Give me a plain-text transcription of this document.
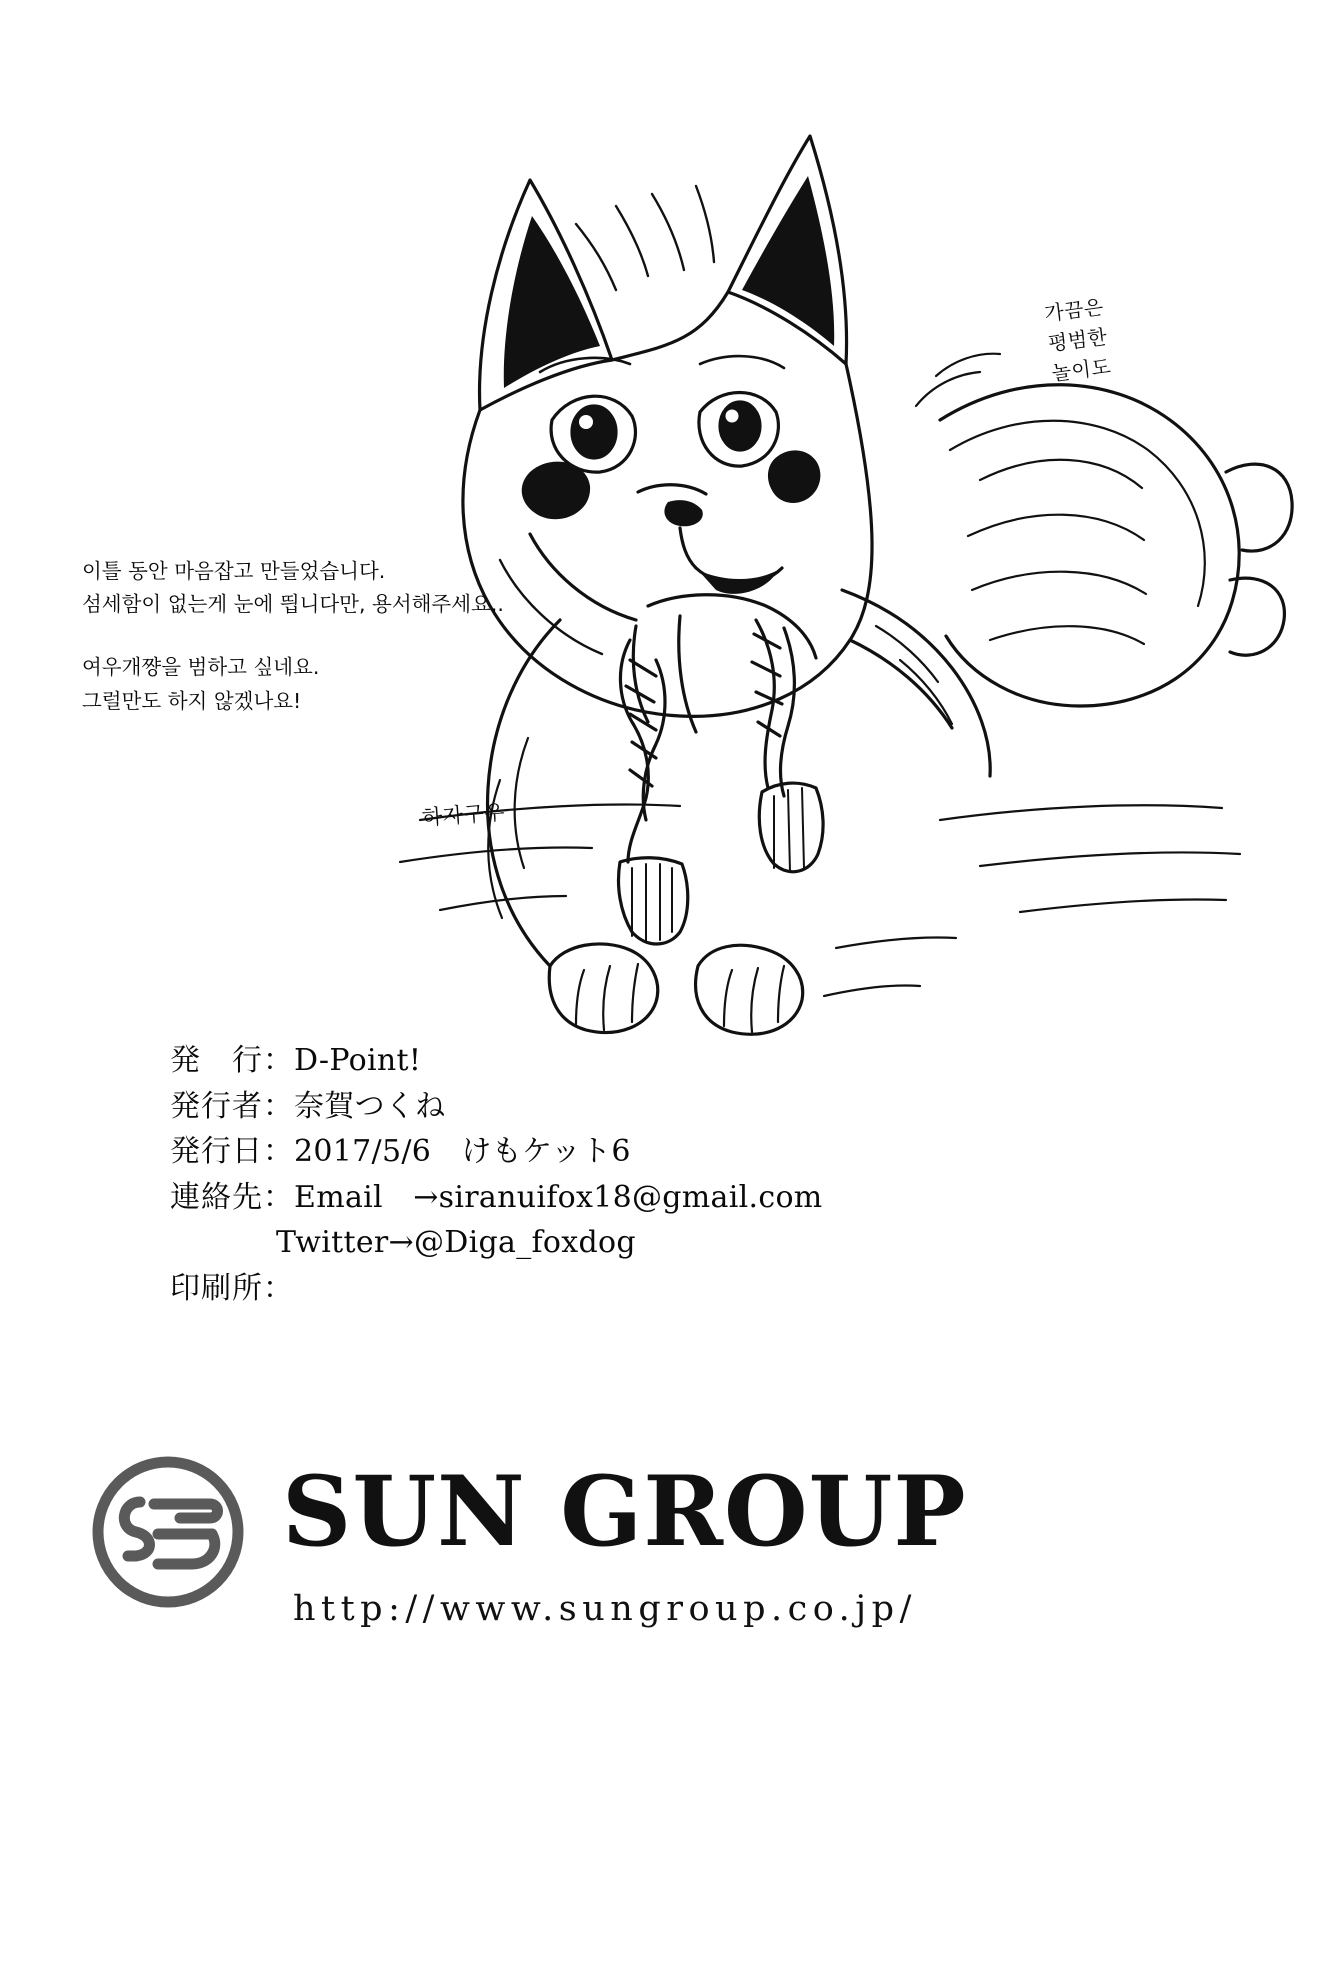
가끔은
평범한
놀이도
하자구우
이틀 동안 마음잡고 만들었습니다.
섬세함이 없는게 눈에 띕니다만, 용서해주세요..
여우개쨩을 범하고 싶네요.
그럴만도 하지 않겠나요!
発　行：D-Point!
発行者：奈賀つくね
発行日：2017/5/6　けもケット6
連絡先：Email　→siranuifox18@gmail.com
Twitter→@Diga_foxdog
印刷所：
SUN GROUP
http://www.sungroup.co.jp/
